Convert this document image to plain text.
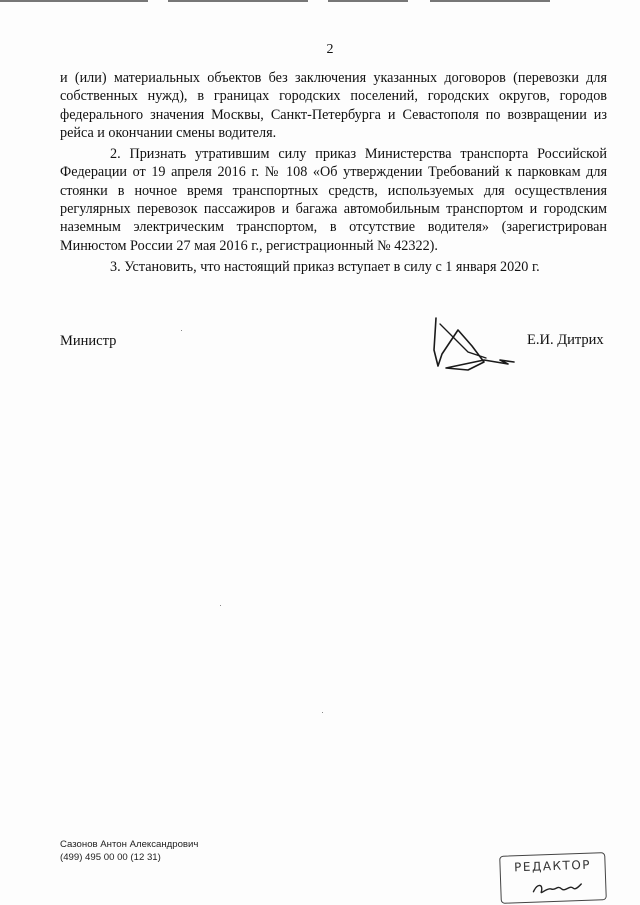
2

и (или) материальных объектов без заключения указанных договоров (перевозки для собственных нужд), в границах городских поселений, городских округов, городов федерального значения Москвы, Санкт-Петербурга и Севастополя по возвращении из рейса и окончании смены водителя.

2. Признать утратившим силу приказ Министерства транспорта Российской Федерации от 19 апреля 2016 г. № 108 «Об утверждении Требований к парковкам для стоянки в ночное время транспортных средств, используемых для осуществления регулярных перевозок пассажиров и багажа автомобильным транспортом и городским наземным электрическим транспортом, в отсутствие водителя» (зарегистрирован Минюстом России 27 мая 2016 г., регистрационный № 42322).

3. Установить, что настоящий приказ вступает в силу с 1 января 2020 г.

Министр	Е.И. Дитрих
Сазонов Антон Александрович
(499) 495 00 00 (12 31)
РЕДАКТОР
